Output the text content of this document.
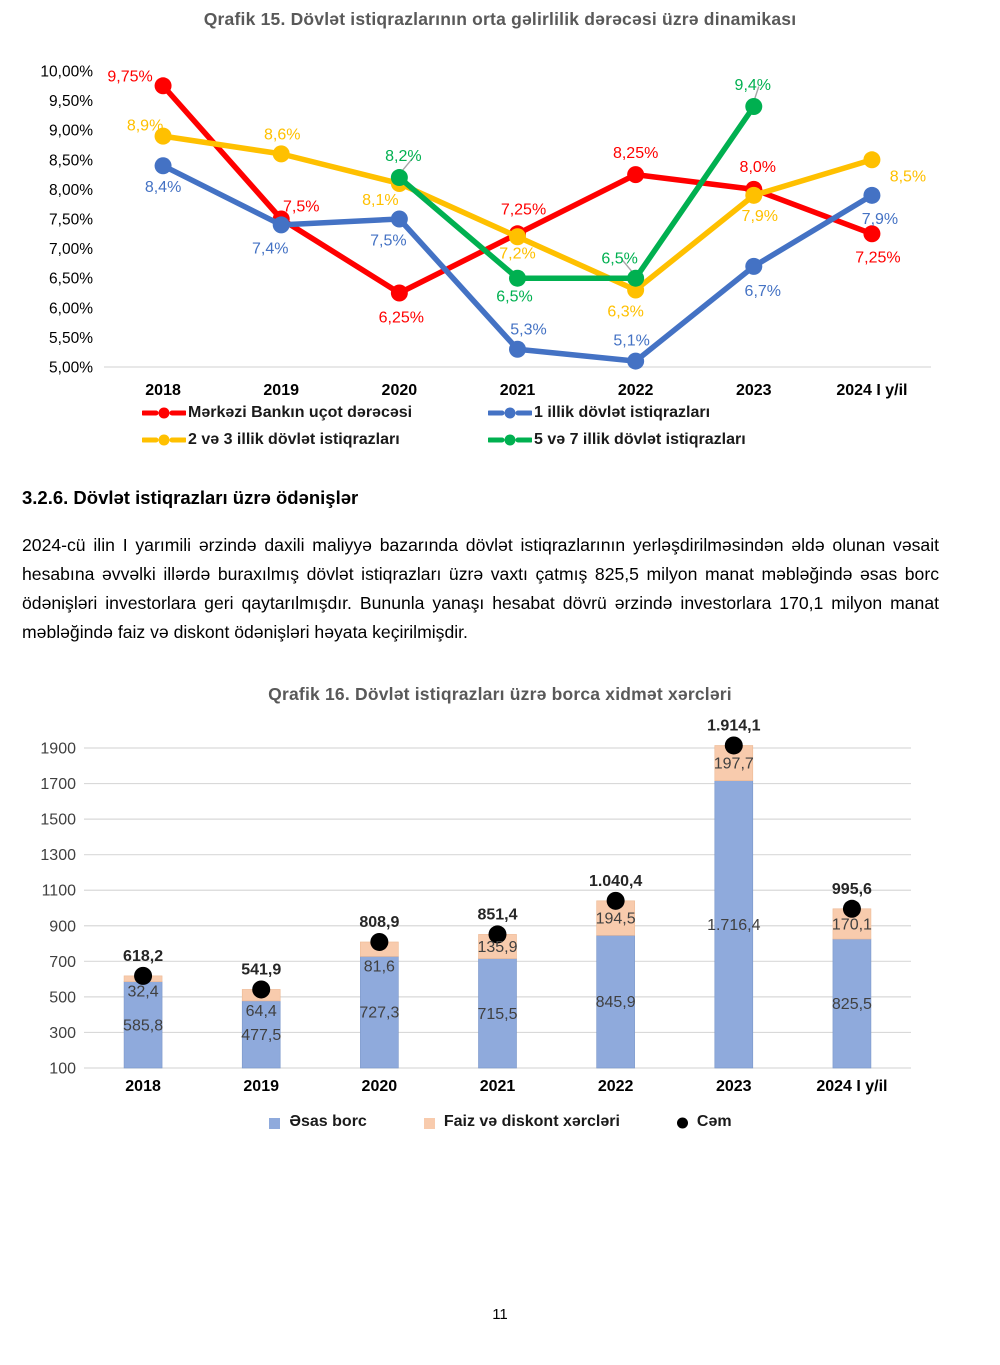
Qrafik 15. Dövlət istiqrazlarının orta gəlirlilik dərəcəsi üzrə dinamikası
10,00%
9,50%
9,00%
8,50%
8,00%
7,50%
7,00%
6,50%
6,00%
5,50%
5,00%
2018	2019	2020	2021	2022	2023	2024 I y/il
9,75%
7,5%
6,25%
7,25%
8,25%
8,0%
7,25%
8,9%
8,6%
8,1%
7,2%
6,3%
7,9%
8,5%
8,4%
7,4%	7,5%
5,3%
5,1%
6,7%
7,9%
8,2%
6,5%
6,5%
9,4%
Mərkəzi Bankın uçot dərəcəsi	1 illik dövlət istiqrazları
2 və 3 illik dövlət istiqrazları	5 və 7 illik dövlət istiqrazları
3.2.6. Dövlət istiqrazları üzrə ödənişlər

2024-cü ilin I yarımili ərzində daxili maliyyə bazarında dövlət istiqrazlarının yerləşdirilməsindən əldə olunan vəsait hesabına əvvəlki illərdə buraxılmış dövlət istiqrazları üzrə vaxtı çatmış 825,5 milyon manat məbləğində əsas borc ödənişləri investorlara geri qaytarılmışdır. Bununla yanaşı hesabat dövrü ərzində investorlara 170,1 milyon manat məbləğində faiz və diskont ödənişləri həyata keçirilmişdir.

Qrafik 16. Dövlət istiqrazları üzrə borca xidmət xərcləri
100
300
500
700
900
1100
1300
1500
1700
1900
618,2
32,4
585,8
2018
541,9
64,4
477,5
2019
808,9
81,6
727,3
2020
851,4
135,9
715,5
2021
1.040,4
194,5
845,9
2022
1.914,1
197,7
1.716,4
2023
995,6
170,1
825,5
2024 I y/il
Əsas borc	Faiz və diskont xərcləri	Cəm
11
